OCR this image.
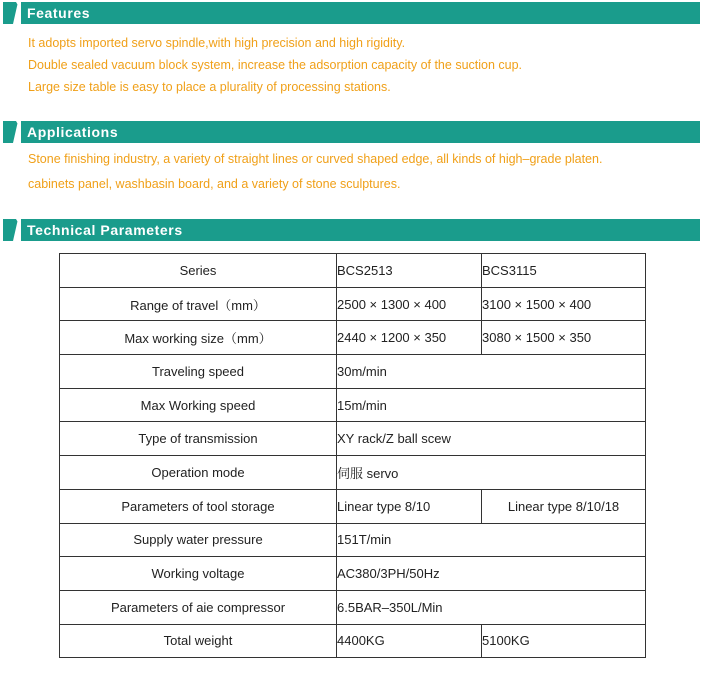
Features
It adopts imported servo spindle,with high precision and high rigidity.
Double sealed vacuum block system, increase the adsorption capacity of the suction cup.
Large size table is easy to place a plurality of processing stations.
Applications
Stone finishing industry, a variety of straight lines or curved shaped edge, all kinds of high–grade platen.
cabinets panel, washbasin board, and a variety of stone sculptures.
Technical Parameters
Series	BCS2513	BCS3115
Range of travel（mm）	2500 × 1300 × 400	3100 × 1500 × 400
Max working size（mm）	2440 × 1200 × 350	3080 × 1500 × 350
Traveling speed	30m/min	
Max Working speed	15m/min	
Type of transmission	XY rack/Z ball scew	
Operation mode	伺服 servo	
Parameters of tool storage	Linear type 8/10	Linear type 8/10/18
Supply water pressure	151T/min	
Working voltage	AC380/3PH/50Hz	
Parameters of aie compressor	6.5BAR–350L/Min	
Total weight	4400KG	5100KG
